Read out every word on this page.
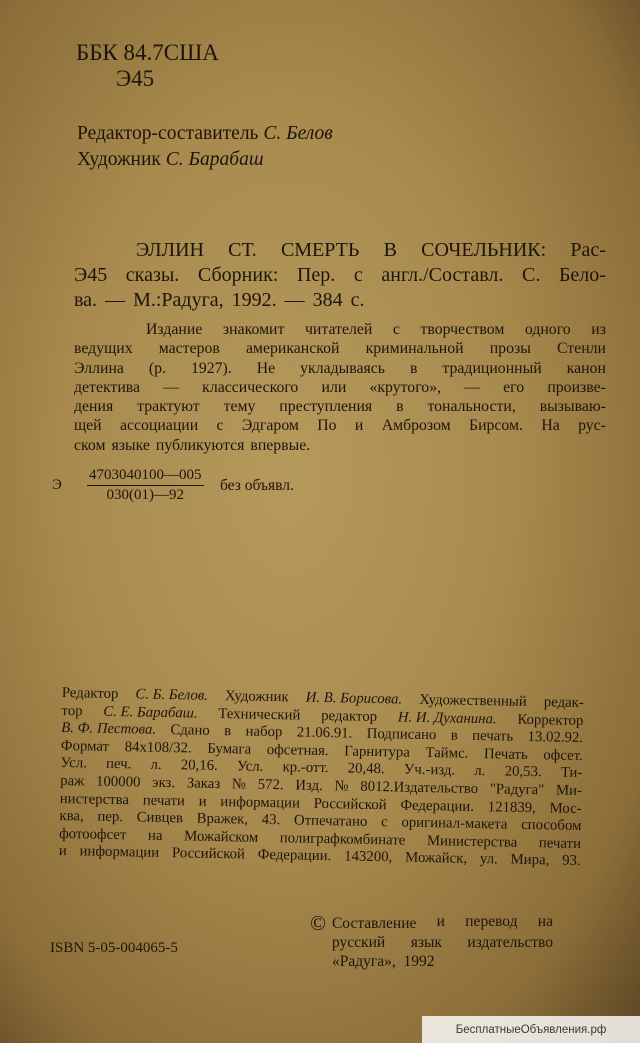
ББК 84.7США
Э45
Редактор-составитель С. Белов
Художник С. Барабаш
ЭЛЛИН СТ. СМЕРТЬ В СОЧЕЛЬНИК: Рас-
Э45 сказы. Сборник: Пер. с англ./Составл. С. Бело-
ва. — М.:Радуга, 1992. — 384 с.
Издание знакомит читателей с творчеством одного из
ведущих мастеров американской криминальной прозы Стенли
Эллина (р. 1927). Не укладываясь в традиционный канон
детектива — классического или «крутого», — его произве-
дения трактуют тему преступления в тональности, вызываю-
щей ассоциации с Эдгаром По и Амброзом Бирсом. На рус-
ском языке публикуются впервые.
Э $\frac{4703040100—005}{030(01)—92}$ без объявл.
Редактор С. Б. Белов. Художник И. В. Борисова. Художественный редак-
тор С. Е. Барабаш. Технический редактор Н. И. Духанина. Корректор
В. Ф. Пестова. Сдано в набор 21.06.91. Подписано в печать 13.02.92.
Формат 84x108/32. Бумага офсетная. Гарнитура Таймс. Печать офсет.
Усл. печ. л. 20,16. Усл. кр.-отт. 20,48. Уч.-изд. л. 20,53. Ти-
раж 100000 экз. Заказ № 572. Изд. № 8012.Издательство "Радуга" Ми-
нистерства печати и информации Российской Федерации. 121839, Мос-
ква, пер. Сивцев Вражек, 43. Отпечатано с оригинал-макета способом
фотоофсет на Можайском полиграфкомбинате Министерства печати
и информации Российской Федерации. 143200, Можайск, ул. Мира, 93.
ISBN 5-05-004065-5
© Составление и перевод на
русский язык издательство
«Радуга»,  1992
БесплатныеОбъявления.рф
